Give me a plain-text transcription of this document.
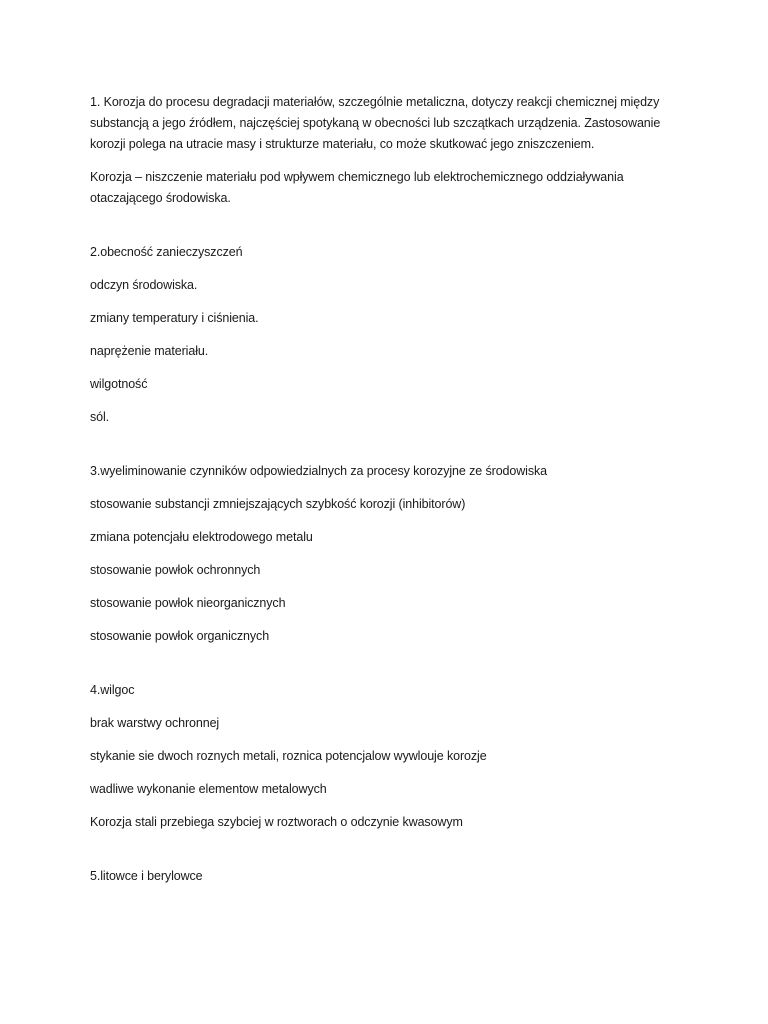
1. Korozja do procesu degradacji materiałów, szczególnie metaliczna, dotyczy reakcji chemicznej między substancją a jego źródłem, najczęściej spotykaną w obecności lub szczątkach urządzenia. Zastosowanie korozji polega na utracie masy i strukturze materiału, co może skutkować jego zniszczeniem.

Korozja – niszczenie materiału pod wpływem chemicznego lub elektrochemicznego oddziaływania otaczającego środowiska.

2.obecność zanieczyszczeń

odczyn środowiska.

zmiany temperatury i ciśnienia.

naprężenie materiału.

wilgotność

sól.

3.wyeliminowanie czynników odpowiedzialnych za procesy korozyjne ze środowiska

stosowanie substancji zmniejszających szybkość korozji (inhibitorów)

zmiana potencjału elektrodowego metalu

stosowanie powłok ochronnych

stosowanie powłok nieorganicznych

stosowanie powłok organicznych

4.wilgoc

brak warstwy ochronnej

stykanie sie dwoch roznych metali, roznica potencjalow wywlouje korozje

wadliwe wykonanie elementow metalowych

Korozja stali przebiega szybciej w roztworach o odczynie kwasowym

5.litowce i berylowce
